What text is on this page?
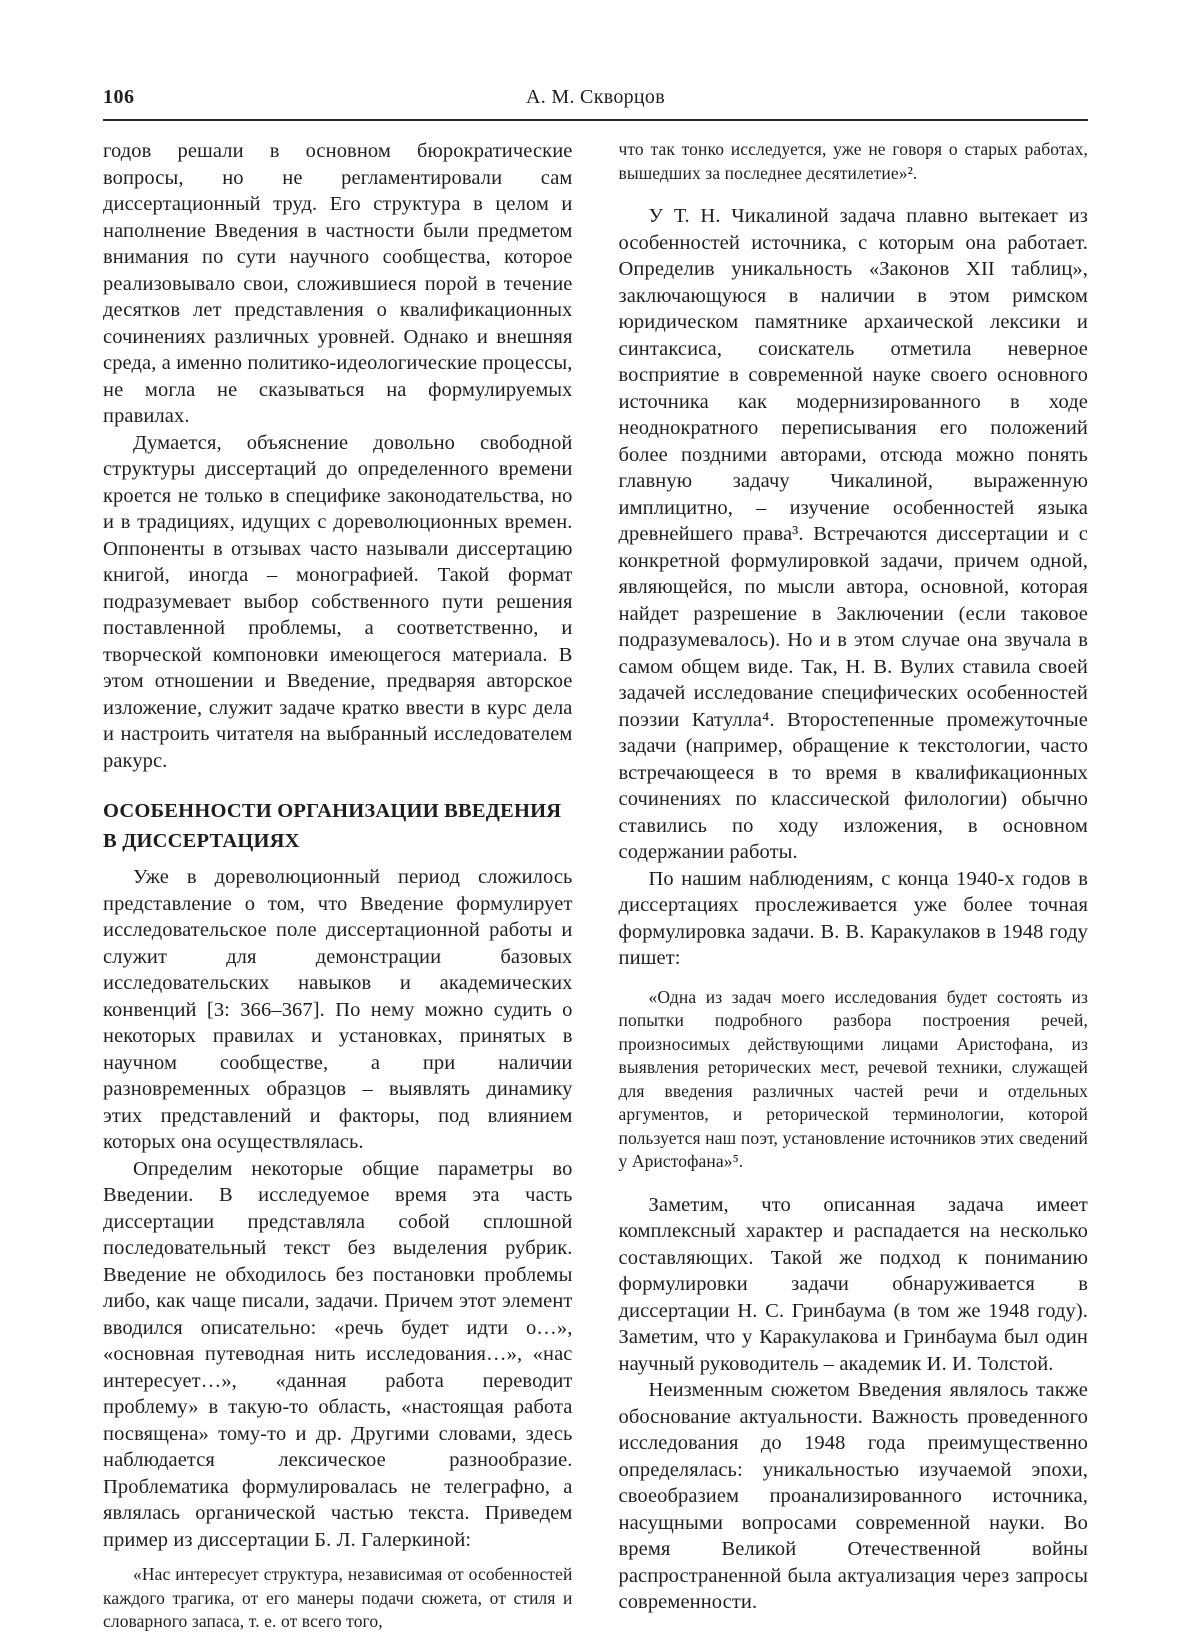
106	А. М. Скворцов

годов решали в основном бюрократические вопросы, но не регламентировали сам диссертационный труд. Его структура в целом и наполнение Введения в частности были предметом внимания по сути научного сообщества, которое реализовывало свои, сложившиеся порой в течение десятков лет представления о квалификационных сочинениях различных уровней. Однако и внешняя среда, а именно политико-идеологические процессы, не могла не сказываться на формулируемых правилах.

Думается, объяснение довольно свободной структуры диссертаций до определенного времени кроется не только в специфике законодательства, но и в традициях, идущих с дореволюционных времен. Оппоненты в отзывах часто называли диссертацию книгой, иногда – монографией. Такой формат подразумевает выбор собственного пути решения поставленной проблемы, а соответственно, и творческой компоновки имеющегося материала. В этом отношении и Введение, предваряя авторское изложение, служит задаче кратко ввести в курс дела и настроить читателя на выбранный исследователем ракурс.

ОСОБЕННОСТИ ОРГАНИЗАЦИИ ВВЕДЕНИЯ В ДИССЕРТАЦИЯХ

Уже в дореволюционный период сложилось представление о том, что Введение формулирует исследовательское поле диссертационной работы и служит для демонстрации базовых исследовательских навыков и академических конвенций [3: 366–367]. По нему можно судить о некоторых правилах и установках, принятых в научном сообществе, а при наличии разновременных образцов – выявлять динамику этих представлений и факторы, под влиянием которых она осуществлялась.

Определим некоторые общие параметры во Введении. В исследуемое время эта часть диссертации представляла собой сплошной последовательный текст без выделения рубрик. Введение не обходилось без постановки проблемы либо, как чаще писали, задачи. Причем этот элемент вводился описательно: «речь будет идти о…», «основная путеводная нить исследования…», «нас интересует…», «данная работа переводит проблему» в такую-то область, «настоящая работа посвящена» тому-то и др. Другими словами, здесь наблюдается лексическое разнообразие. Проблематика формулировалась не телеграфно, а являлась органической частью текста. Приведем пример из диссертации Б. Л. Галеркиной:

«Нас интересует структура, независимая от особенностей каждого трагика, от его манеры подачи сюжета, от стиля и словарного запаса, т. е. от всего того,

что так тонко исследуется, уже не говоря о старых работах, вышедших за последнее десятилетие»².

У Т. Н. Чикалиной задача плавно вытекает из особенностей источника, с которым она работает. Определив уникальность «Законов XII таблиц», заключающуюся в наличии в этом римском юридическом памятнике архаической лексики и синтаксиса, соискатель отметила неверное восприятие в современной науке своего основного источника как модернизированного в ходе неоднократного переписывания его положений более поздними авторами, отсюда можно понять главную задачу Чикалиной, выраженную имплицитно, – изучение особенностей языка древнейшего права³. Встречаются диссертации и с конкретной формулировкой задачи, причем одной, являющейся, по мысли автора, основной, которая найдет разрешение в Заключении (если таковое подразумевалось). Но и в этом случае она звучала в самом общем виде. Так, Н. В. Вулих ставила своей задачей исследование специфических особенностей поэзии Катулла⁴. Второстепенные промежуточные задачи (например, обращение к текстологии, часто встречающееся в то время в квалификационных сочинениях по классической филологии) обычно ставились по ходу изложения, в основном содержании работы.

По нашим наблюдениям, с конца 1940-х годов в диссертациях прослеживается уже более точная формулировка задачи. В. В. Каракулаков в 1948 году пишет:

«Одна из задач моего исследования будет состоять из попытки подробного разбора построения речей, произносимых действующими лицами Аристофана, из выявления реторических мест, речевой техники, служащей для введения различных частей речи и отдельных аргументов, и реторической терминологии, которой пользуется наш поэт, установление источников этих сведений у Аристофана»⁵.

Заметим, что описанная задача имеет комплексный характер и распадается на несколько составляющих. Такой же подход к пониманию формулировки задачи обнаруживается в диссертации Н. С. Гринбаума (в том же 1948 году). Заметим, что у Каракулакова и Гринбаума был один научный руководитель – академик И. И. Толстой.

Неизменным сюжетом Введения являлось также обоснование актуальности. Важность проведенного исследования до 1948 года преимущественно определялась: уникальностью изучаемой эпохи, своеобразием проанализированного источника, насущными вопросами современной науки. Во время Великой Отечественной войны распространенной была актуализация через запросы современности.
